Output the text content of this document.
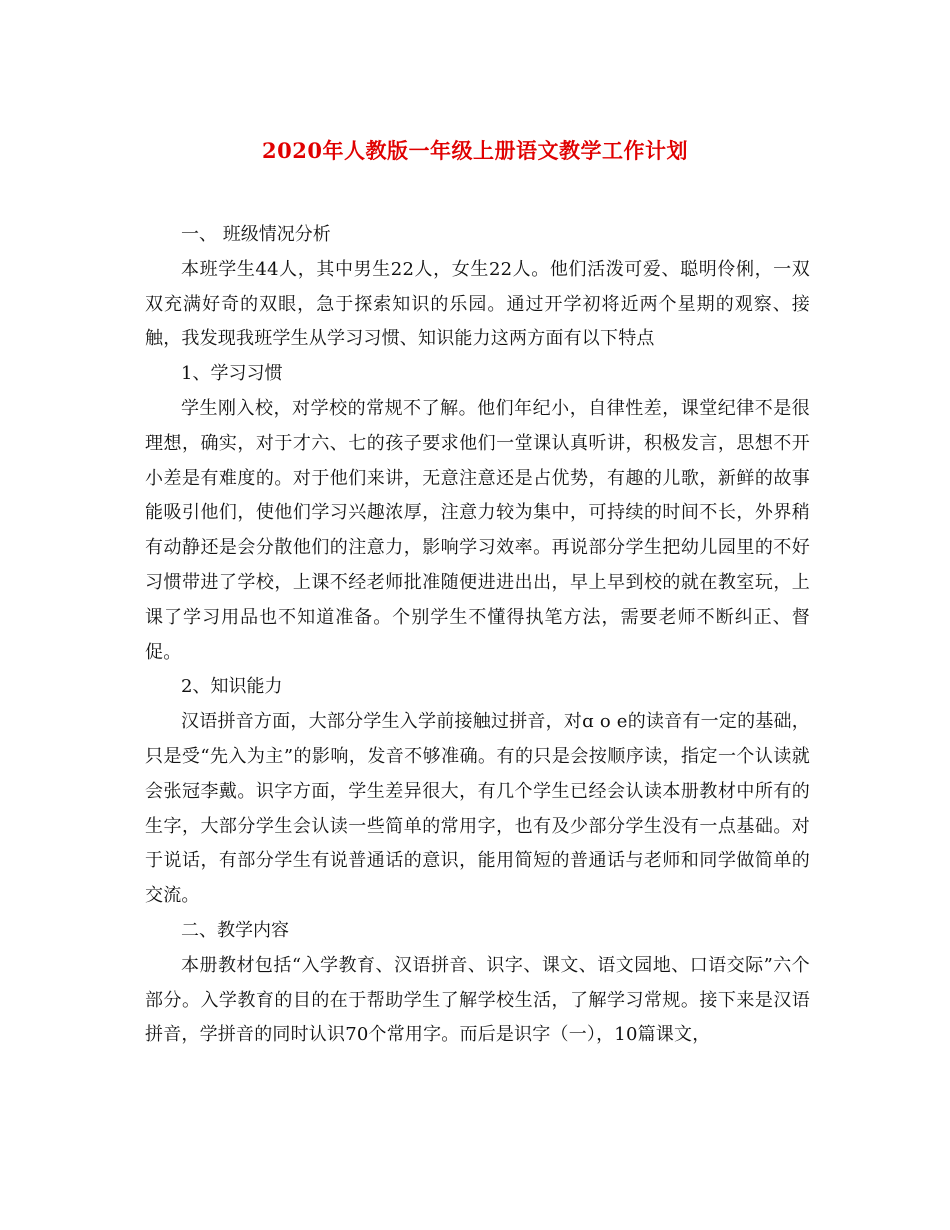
2020年人教版一年级上册语文教学工作计划
一、 班级情况分析
本班学生44人，其中男生22人，女生22人。他们活泼可爱、聪明伶俐，一双双充满好奇的双眼，急于探索知识的乐园。通过开学初将近两个星期的观察、接触，我发现我班学生从学习习惯、知识能力这两方面有以下特点
1、学习习惯
学生刚入校，对学校的常规不了解。他们年纪小，自律性差，课堂纪律不是很理想，确实，对于才六、七的孩子要求他们一堂课认真听讲，积极发言，思想不开小差是有难度的。对于他们来讲，无意注意还是占优势，有趣的儿歌，新鲜的故事能吸引他们，使他们学习兴趣浓厚，注意力较为集中，可持续的时间不长，外界稍有动静还是会分散他们的注意力，影响学习效率。再说部分学生把幼儿园里的不好习惯带进了学校，上课不经老师批准随便进进出出，早上早到校的就在教室玩，上课了学习用品也不知道准备。个别学生不懂得执笔方法，需要老师不断纠正、督促。
2、知识能力
汉语拼音方面，大部分学生入学前接触过拼音，对ɑ o e的读音有一定的基础，只是受“先入为主”的影响，发音不够准确。有的只是会按顺序读，指定一个认读就会张冠李戴。识字方面，学生差异很大，有几个学生已经会认读本册教材中所有的生字，大部分学生会认读一些简单的常用字，也有及少部分学生没有一点基础。对于说话，有部分学生有说普通话的意识，能用简短的普通话与老师和同学做简单的交流。
二、教学内容
本册教材包括“入学教育、汉语拼音、识字、课文、语文园地、口语交际”六个部分。入学教育的目的在于帮助学生了解学校生活，了解学习常规。接下来是汉语拼音，学拼音的同时认识70个常用字。而后是识字（一），10篇课文，
